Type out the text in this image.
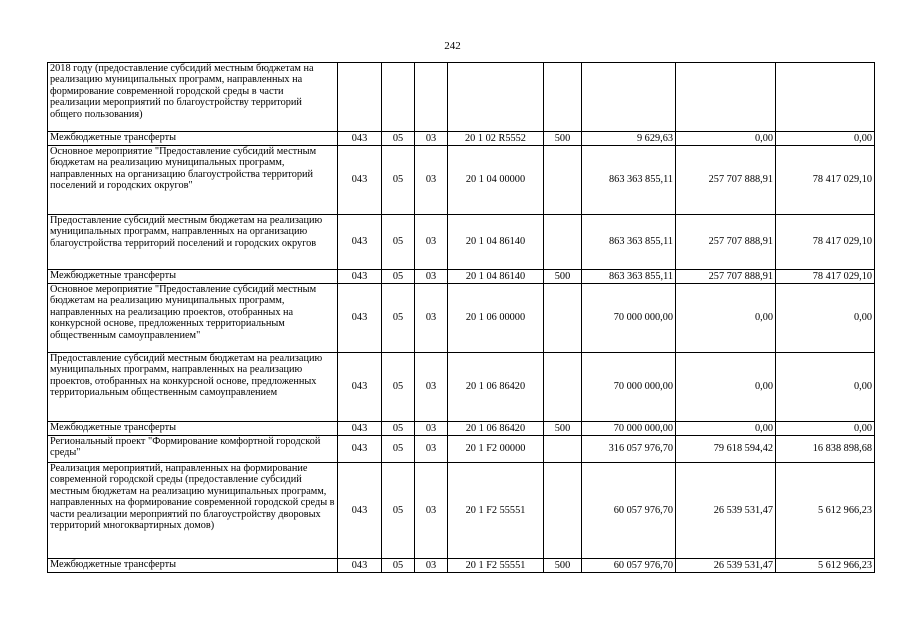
242
2018 году (предоставление субсидий местным бюджетам на реализацию муниципальных программ, направленных на формирование современной городской среды в части реализации мероприятий по благоустройству территорий общего пользования)								
Межбюджетные трансферты	043	05	03	20 1 02 R5552	500	9 629,63	0,00	0,00
Основное мероприятие "Предоставление субсидий местным бюджетам на реализацию муниципальных программ, направленных на организацию благоустройства территорий поселений и городских округов"	043	05	03	20 1 04 00000		863 363 855,11	257 707 888,91	78 417 029,10
Предоставление субсидий местным бюджетам на реализацию муниципальных программ, направленных на организацию благоустройства территорий поселений и городских округов	043	05	03	20 1 04 86140		863 363 855,11	257 707 888,91	78 417 029,10
Межбюджетные трансферты	043	05	03	20 1 04 86140	500	863 363 855,11	257 707 888,91	78 417 029,10
Основное мероприятие "Предоставление субсидий местным бюджетам на реализацию муниципальных программ, направленных на реализацию проектов, отобранных на конкурсной основе, предложенных территориальным общественным самоуправлением"	043	05	03	20 1 06 00000		70 000 000,00	0,00	0,00
Предоставление субсидий местным бюджетам на реализацию муниципальных программ, направленных на реализацию проектов, отобранных на конкурсной основе, предложенных территориальным общественным самоуправлением	043	05	03	20 1 06 86420		70 000 000,00	0,00	0,00
Межбюджетные трансферты	043	05	03	20 1 06 86420	500	70 000 000,00	0,00	0,00
Региональный проект "Формирование комфортной городской среды"	043	05	03	20 1 F2 00000		316 057 976,70	79 618 594,42	16 838 898,68
Реализация мероприятий, направленных на формирование современной городской среды (предоставление субсидий местным бюджетам на реализацию муниципальных программ, направленных на формирование современной городской среды в части реализации мероприятий по благоустройству дворовых территорий многоквартирных домов)	043	05	03	20 1 F2 55551		60 057 976,70	26 539 531,47	5 612 966,23
Межбюджетные трансферты	043	05	03	20 1 F2 55551	500	60 057 976,70	26 539 531,47	5 612 966,23
